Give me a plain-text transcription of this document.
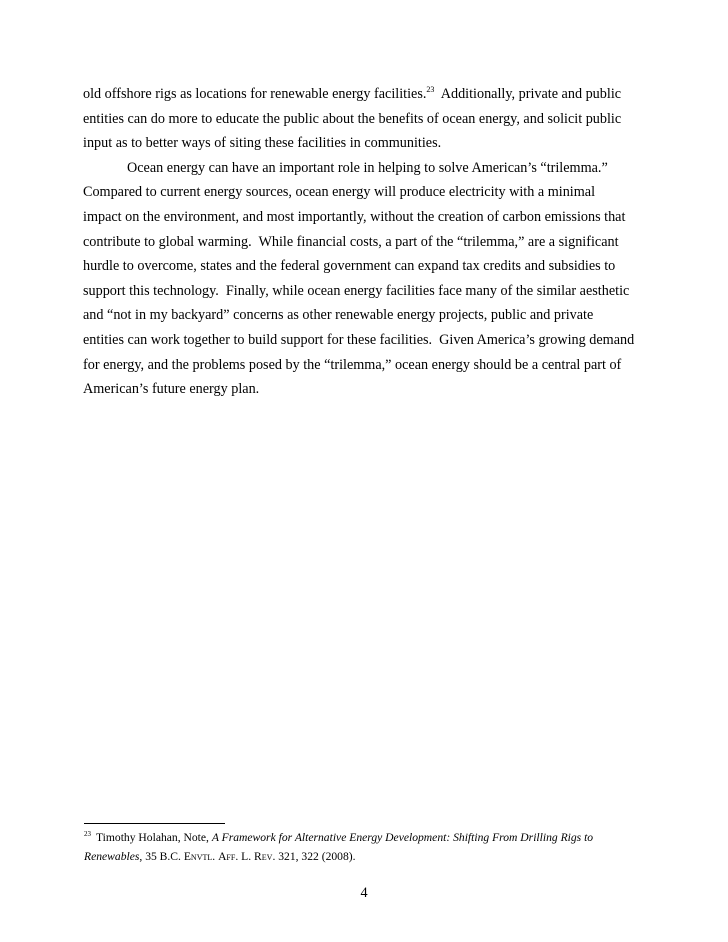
old offshore rigs as locations for renewable energy facilities.$^{23}$  Additionally, private and public
entities can do more to educate the public about the benefits of ocean energy, and solicit public
input as to better ways of siting these facilities in communities.
Ocean energy can have an important role in helping to solve American’s “trilemma.”
Compared to current energy sources, ocean energy will produce electricity with a minimal
impact on the environment, and most importantly, without the creation of carbon emissions that
contribute to global warming.  While financial costs, a part of the “trilemma,” are a significant
hurdle to overcome, states and the federal government can expand tax credits and subsidies to
support this technology.  Finally, while ocean energy facilities face many of the similar aesthetic
and “not in my backyard” concerns as other renewable energy projects, public and private
entities can work together to build support for these facilities.  Given America’s growing demand
for energy, and the problems posed by the “trilemma,” ocean energy should be a central part of
American’s future energy plan.
$^{23}$ Timothy Holahan, Note, A Framework for Alternative Energy Development: Shifting From Drilling Rigs to
Renewables, 35 B.C. Envtl. Aff. L. Rev. 321, 322 (2008).
4
